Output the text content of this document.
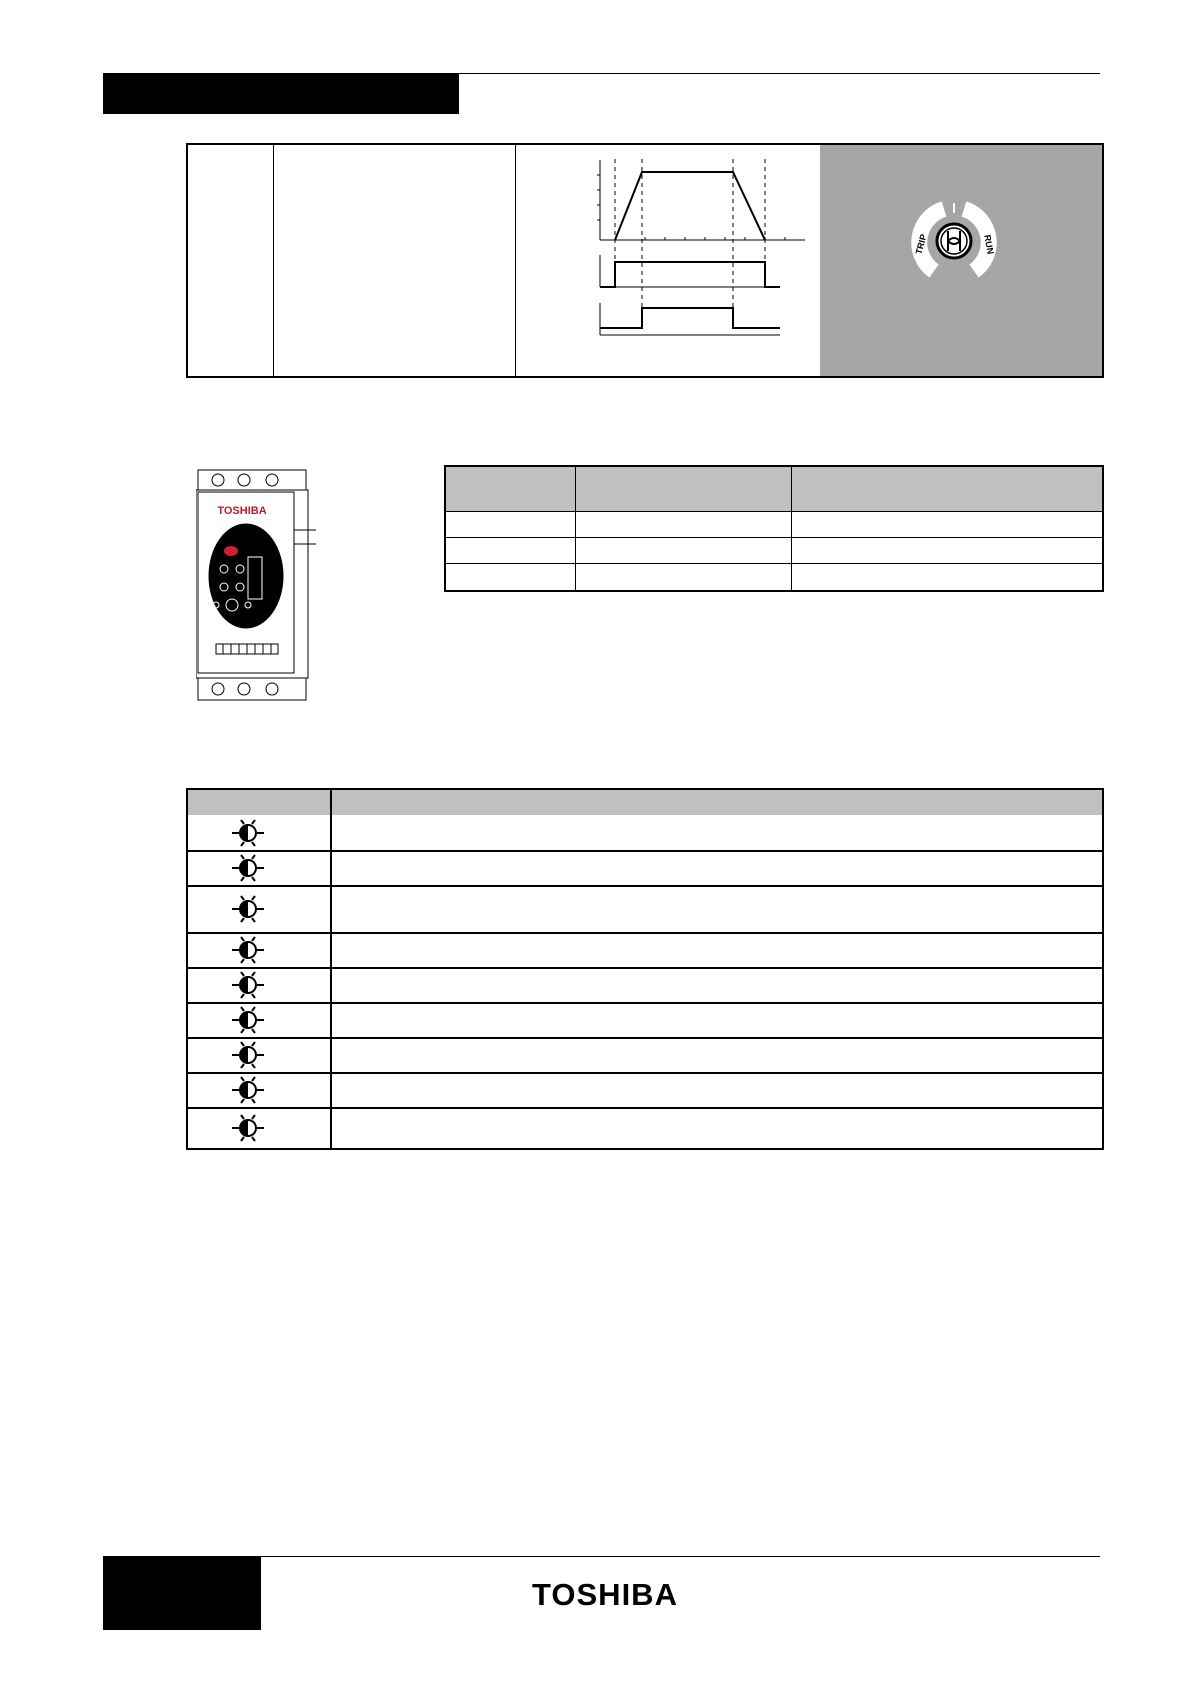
TRIP	RUN
TOSHIBA
TOSHIBA
